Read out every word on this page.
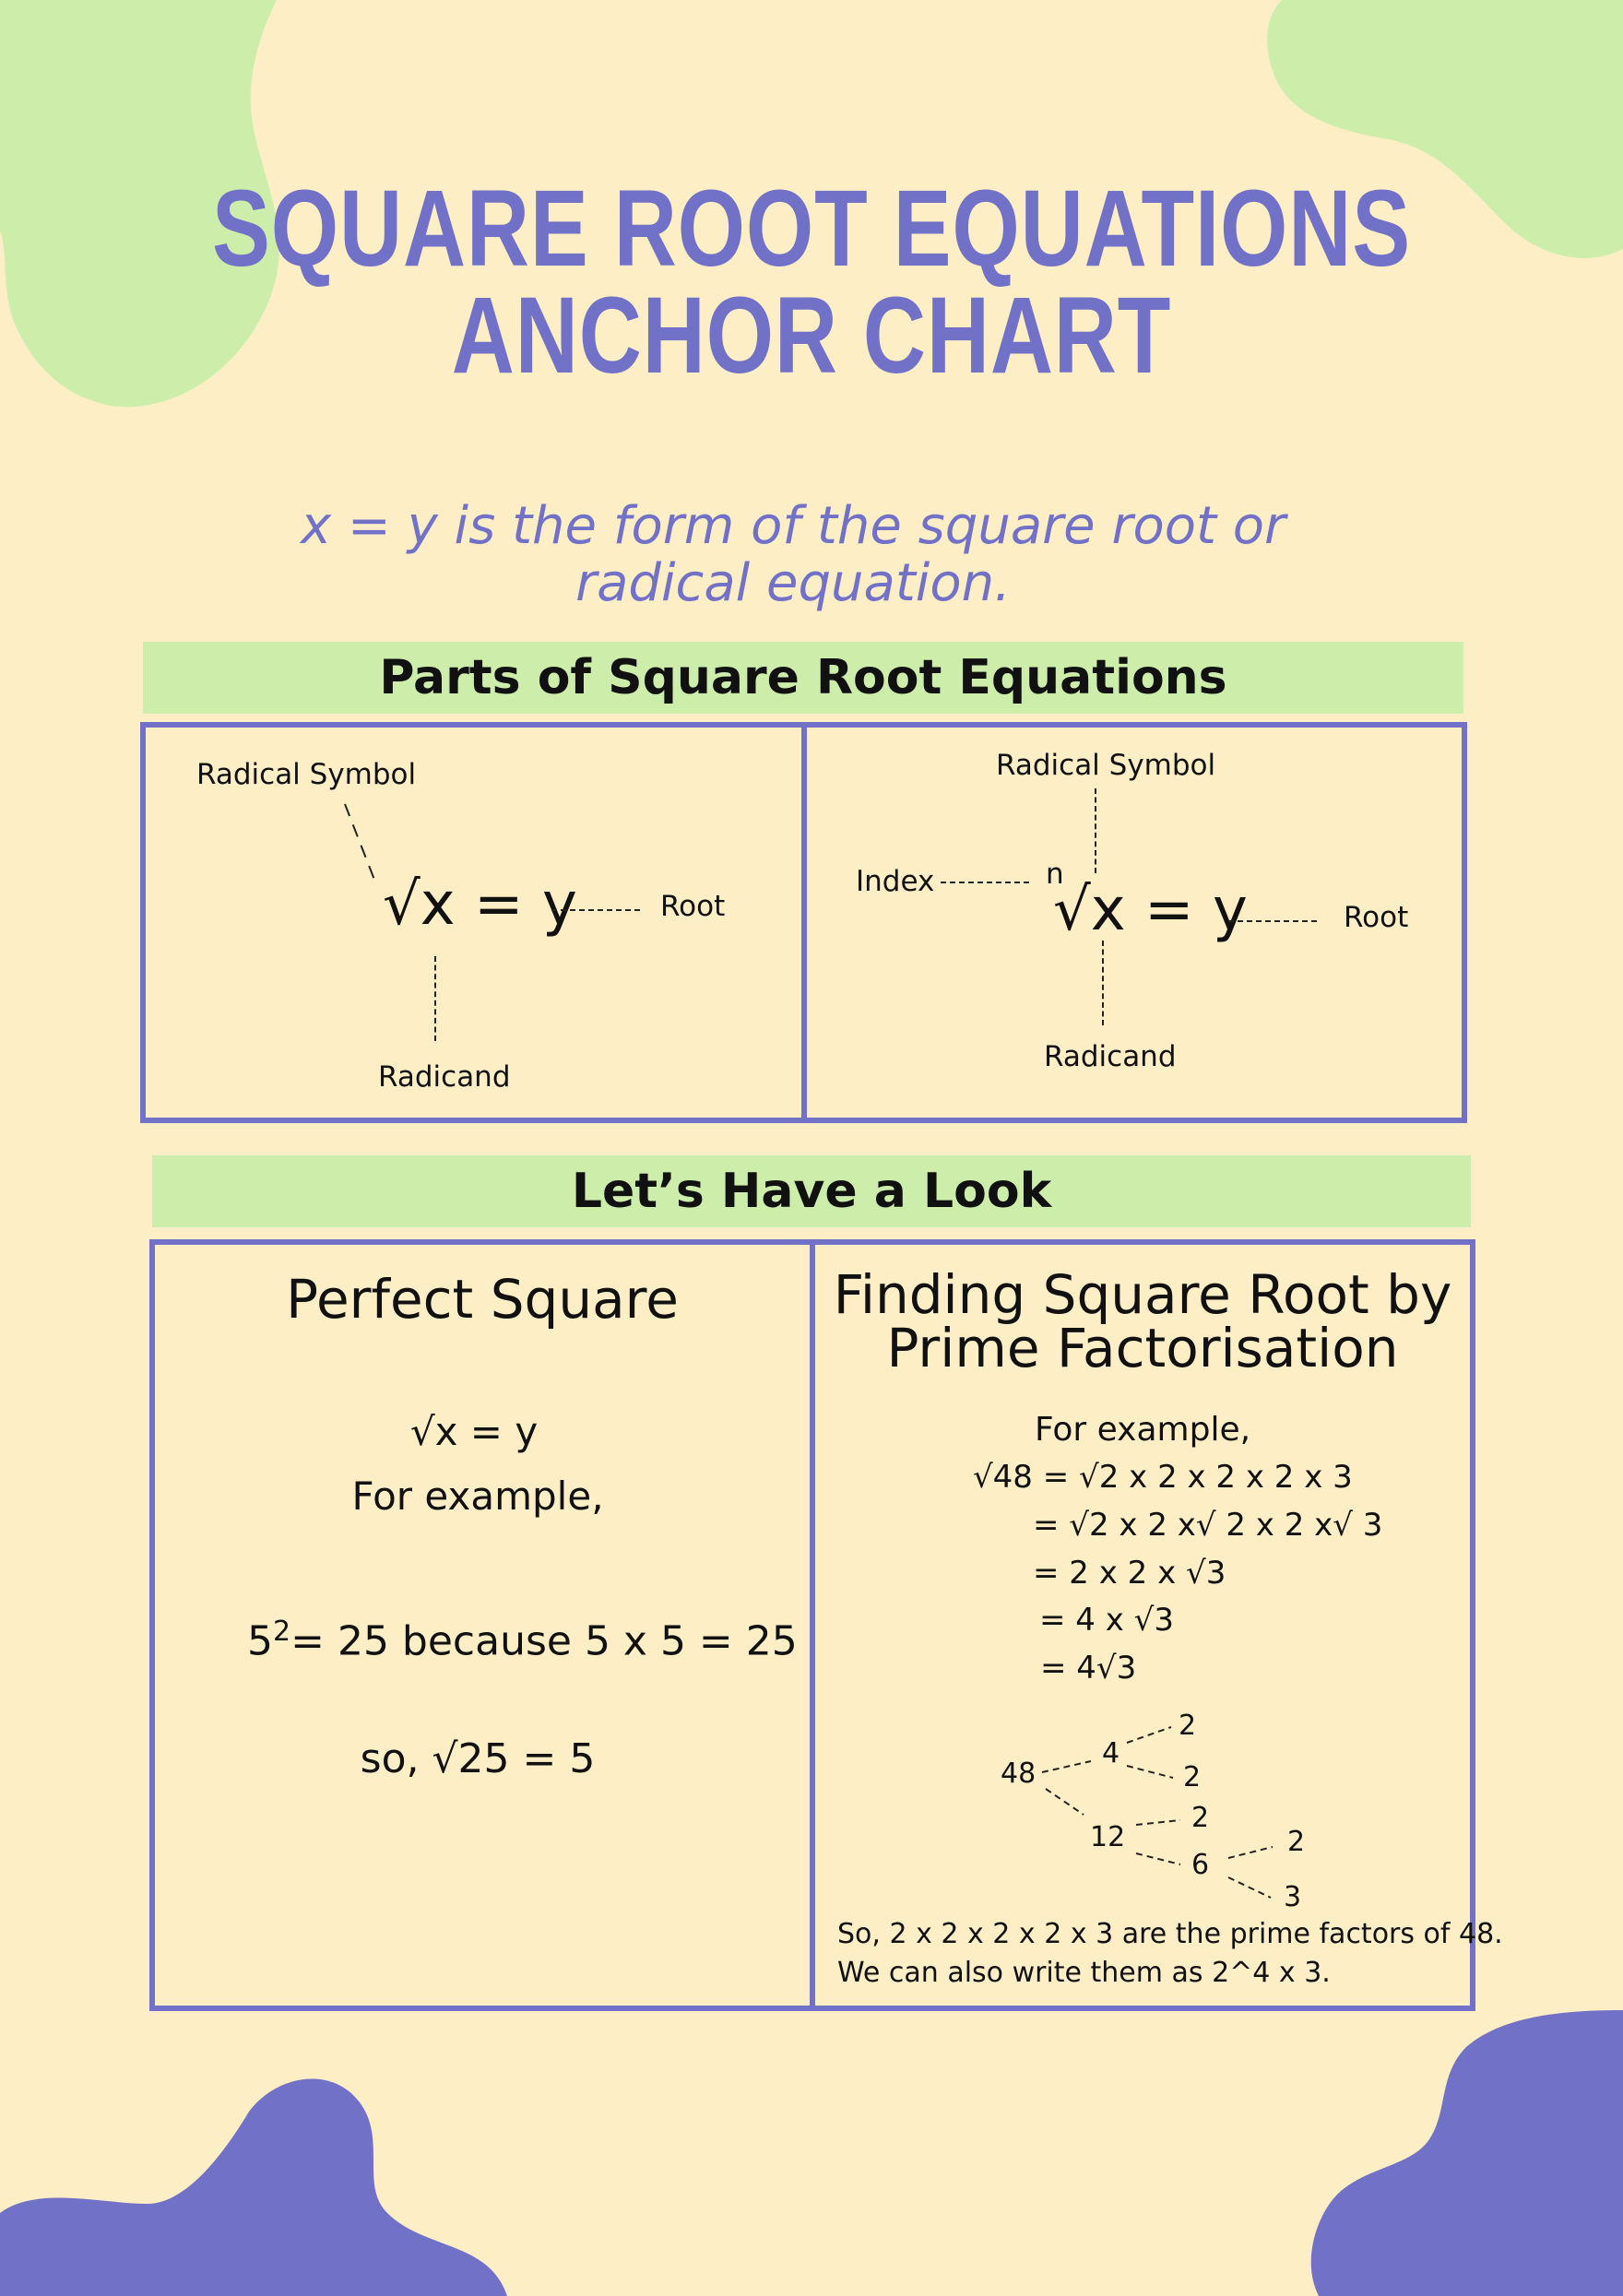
SQUARE ROOT EQUATIONS
ANCHOR CHART
x = y is the form of the square root or radical equation.
Parts of Square Root Equations
Radical Symbol
√x = y	Root
Radicand
Radical Symbol
Index	n
√x = y	Root
Radicand
Let’s Have a Look
Perfect Square
√x = y
For example,
$5^2= 25$ because 5 x 5 = 25
so, √25 = 5
Finding Square Root by
Prime Factorisation
For example,
√48 = √2 x 2 x 2 x 2 x 3
= √2 x 2 x√ 2 x 2 x√ 3
= 2 x 2 x √3
= 4 x √3
= 4√3
48
4
2
2
12
2
6
2
3
So, 2 x 2 x 2 x 2 x 3 are the prime factors of 48.
We can also write them as 2^4 x 3.
